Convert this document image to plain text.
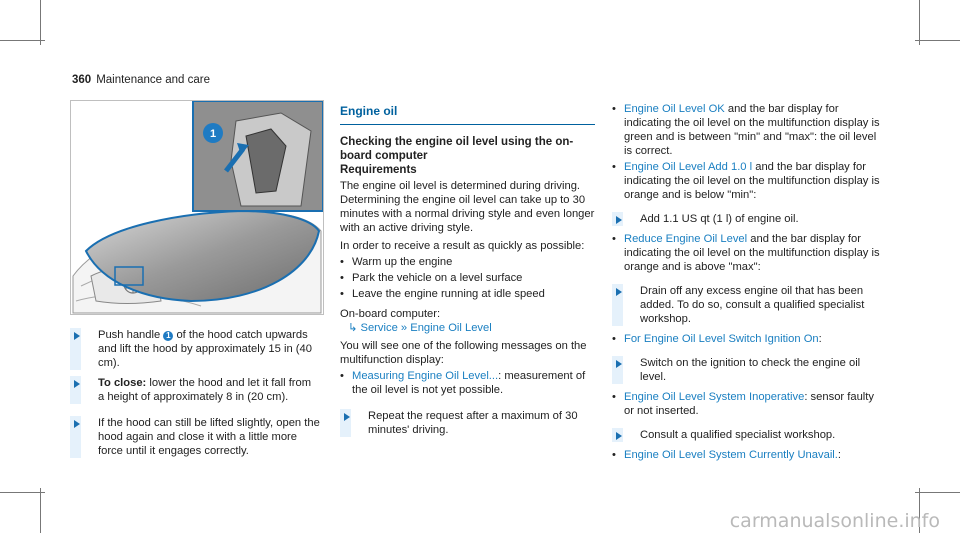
360 Maintenance and care
1
Push handle 1 of the hood catch upwards and lift the hood by approximately 15 in (40 cm).
To close: lower the hood and let it fall from a height of approximately 8 in (20 cm).
If the hood can still be lifted slightly, open the hood again and close it with a little more force until it engages correctly.
Engine oil
Checking the engine oil level using the on-board computer
Requirements

The engine oil level is determined during driving. Determining the engine oil level can take up to 30 minutes with a normal driving style and even longer with an active driving style.

In order to receive a result as quickly as possible:

• Warm up the engine
• Park the vehicle on a level surface
• Leave the engine running at idle speed

On-board computer:

↳ Service » Engine Oil Level

You will see one of the following messages on the multifunction display:

• Measuring Engine Oil Level...: measurement of the oil level is not yet possible.
Repeat the request after a maximum of 30 minutes' driving.
• Engine Oil Level OK and the bar display for indicating the oil level on the multifunction display is green and is between "min" and "max": the oil level is correct.
• Engine Oil Level Add 1.0 l and the bar display for indicating the oil level on the multifunction display is orange and is below "min":
Add 1.1 US qt (1 l) of engine oil.
• Reduce Engine Oil Level and the bar display for indicating the oil level on the multifunction display is orange and is above "max":
Drain off any excess engine oil that has been added. To do so, consult a qualified specialist workshop.
• For Engine Oil Level Switch Ignition On:
Switch on the ignition to check the engine oil level.
• Engine Oil Level System Inoperative: sensor faulty or not inserted.
Consult a qualified specialist workshop.
• Engine Oil Level System Currently Unavail.:
carmanualsonline.info
